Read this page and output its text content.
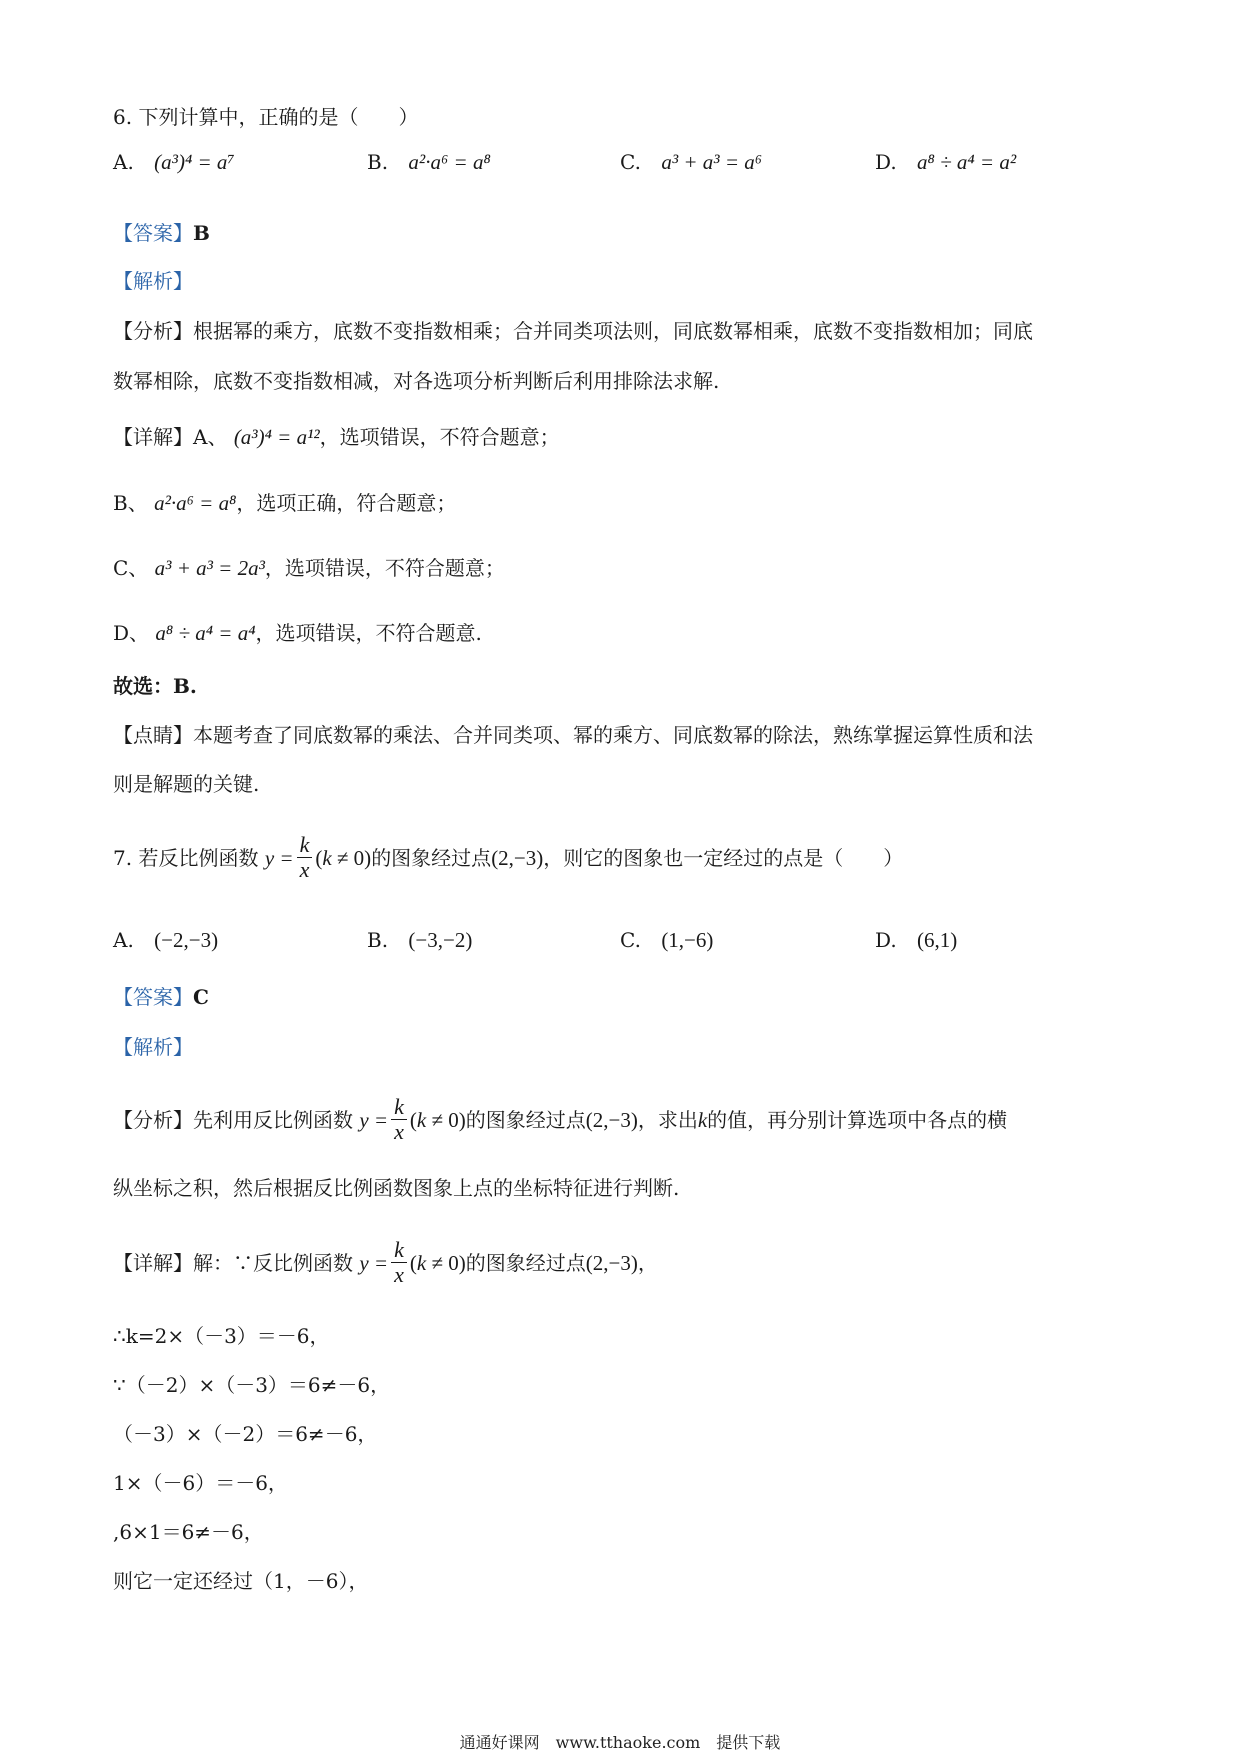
6. 下列计算中，正确的是（　　）
A. (a³)⁴ = a⁷	B. a²·a⁶ = a⁸	C. a³ + a³ = a⁶	D. a⁸ ÷ a⁴ = a²
【答案】B
【解析】
【分析】根据幂的乘方，底数不变指数相乘；合并同类项法则，同底数幂相乘，底数不变指数相加；同底
数幂相除，底数不变指数相减，对各选项分析判断后利用排除法求解.
【详解】A、 (a³)⁴ = a¹²，选项错误，不符合题意；
B、 a²·a⁶ = a⁸，选项正确，符合题意；
C、 a³ + a³ = 2a³，选项错误，不符合题意；
D、 a⁸ ÷ a⁴ = a⁴，选项错误，不符合题意.
故选：B.
【点睛】本题考查了同底数幂的乘法、合并同类项、幂的乘方、同底数幂的除法，熟练掌握运算性质和法
则是解题的关键.
7. 若反比例函数 $y = \frac{k}{x} (k \ne 0)$的图象经过点(2,−3)，则它的图象也一定经过的点是（　　）
A. (−2,−3)	B. (−3,−2)	C. (1,−6)	D. (6,1)
【答案】C
【解析】
【分析】先利用反比例函数 $y = \frac{k}{x} (k \ne 0)$的图象经过点(2,−3)，求出k的值，再分别计算选项中各点的横
纵坐标之积，然后根据反比例函数图象上点的坐标特征进行判断.
【详解】解：∵反比例函数 $y = \frac{k}{x} (k \ne 0)$的图象经过点(2,−3)，
∴k=2×（－3）＝－6，
∵（－2）×（－3）＝6≠－6，
（－3）×（－2）＝6≠－6，
1×（－6）＝－6，
,6×1＝6≠－6，
则它一定还经过（1，－6），
通通好课网　www.tthaoke.com　提供下载
